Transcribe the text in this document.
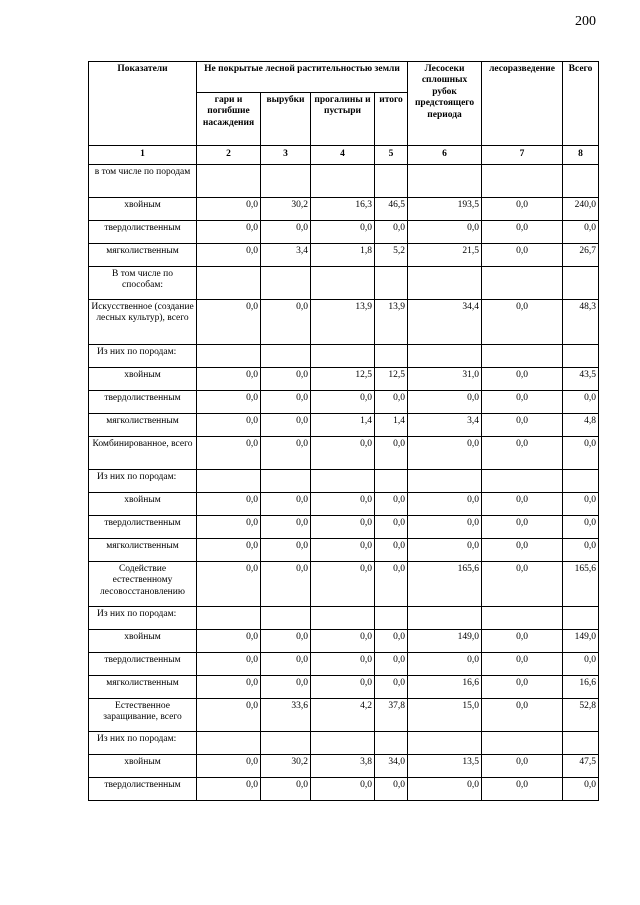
200
Показатели	Не покрытые лесной растительностью земли				Лесосеки сплошных рубок предстоящего периода	лесоразведение	Всего
	гари и погибшие насаждения	вырубки	прогалины и пустыри	итого			
1	2	3	4	5	6	7	8
в том числе по породам							
хвойным	0,0	30,2	16,3	46,5	193,5	0,0	240,0
твердолиственным	0,0	0,0	0,0	0,0	0,0	0,0	0,0
мягколиственным	0,0	3,4	1,8	5,2	21,5	0,0	26,7
В том числе по способам:							
Искусственное (создание лесных культур), всего	0,0	0,0	13,9	13,9	34,4	0,0	48,3
Из них по породам:							
хвойным	0,0	0,0	12,5	12,5	31,0	0,0	43,5
твердолиственным	0,0	0,0	0,0	0,0	0,0	0,0	0,0
мягколиственным	0,0	0,0	1,4	1,4	3,4	0,0	4,8
Комбинированное, всего	0,0	0,0	0,0	0,0	0,0	0,0	0,0
Из них по породам:							
хвойным	0,0	0,0	0,0	0,0	0,0	0,0	0,0
твердолиственным	0,0	0,0	0,0	0,0	0,0	0,0	0,0
мягколиственным	0,0	0,0	0,0	0,0	0,0	0,0	0,0
Содействие естественному лесовосстановлению	0,0	0,0	0,0	0,0	165,6	0,0	165,6
Из них по породам:							
хвойным	0,0	0,0	0,0	0,0	149,0	0,0	149,0
твердолиственным	0,0	0,0	0,0	0,0	0,0	0,0	0,0
мягколиственным	0,0	0,0	0,0	0,0	16,6	0,0	16,6
Естественное заращивание, всего	0,0	33,6	4,2	37,8	15,0	0,0	52,8
Из них по породам:							
хвойным	0,0	30,2	3,8	34,0	13,5	0,0	47,5
твердолиственным	0,0	0,0	0,0	0,0	0,0	0,0	0,0
